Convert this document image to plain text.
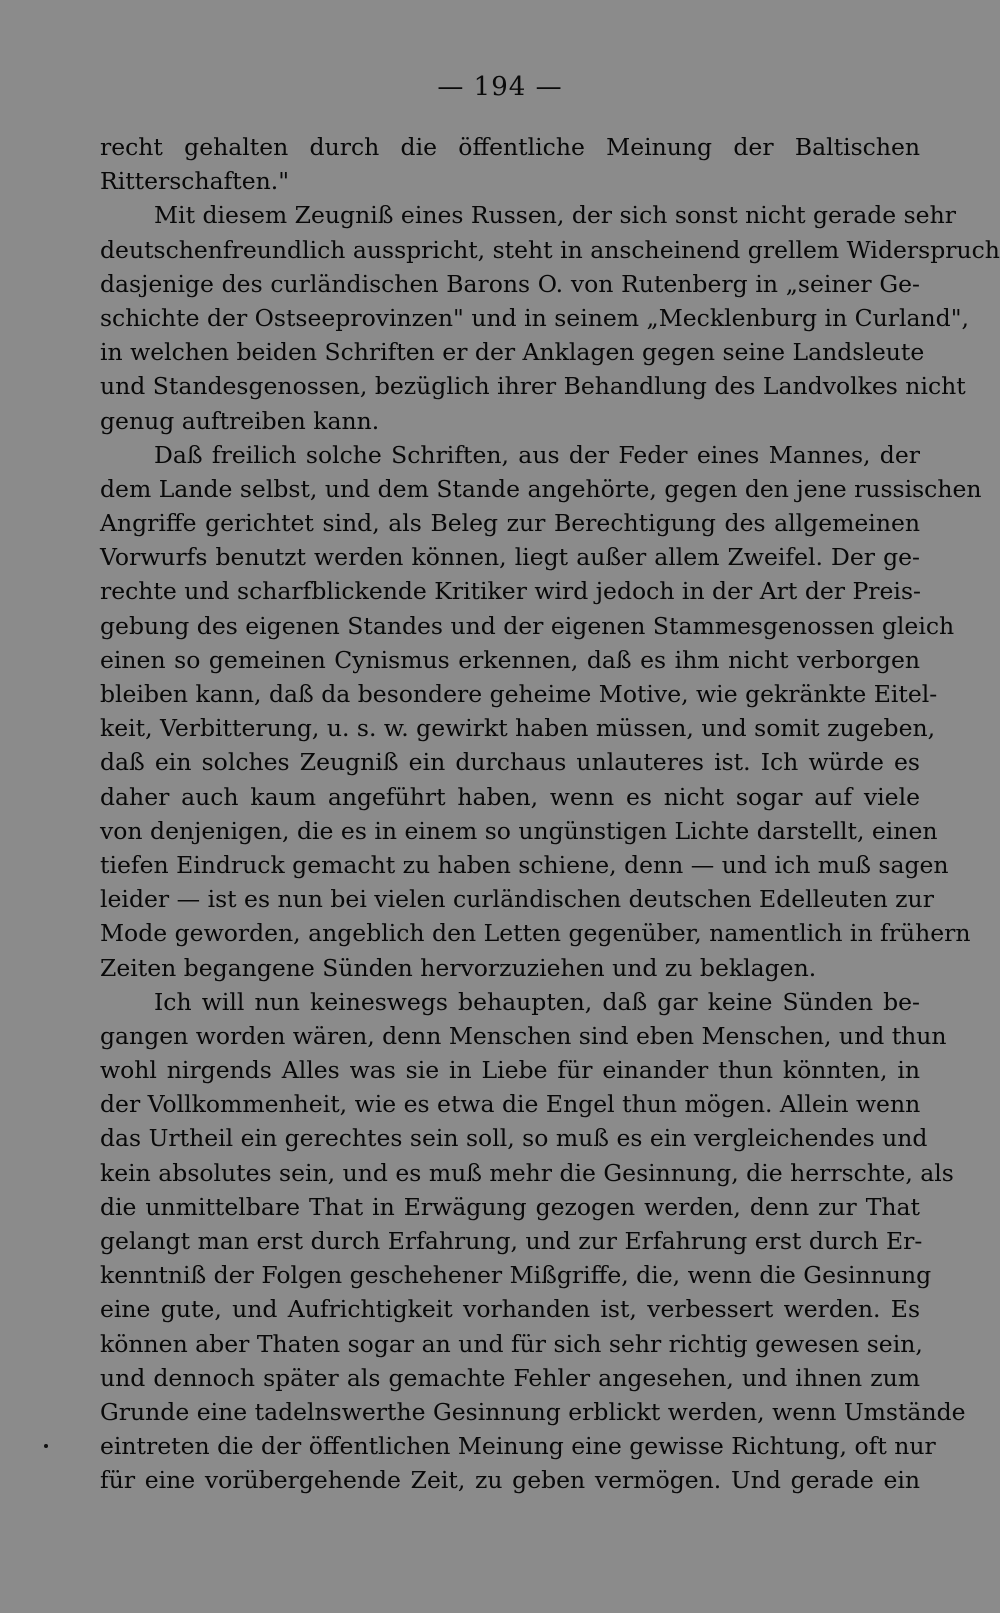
— 194 —
recht gehalten durch die öffentliche Meinung der Baltischen
Ritterschaften."
Mit diesem Zeugniß eines Russen, der sich sonst nicht gerade sehr
deutschenfreundlich ausspricht, steht in anscheinend grellem Widerspruch
dasjenige des curländischen Barons O. von Rutenberg in „seiner Ge-
schichte der Ostseeprovinzen" und in seinem „Mecklenburg in Curland",
in welchen beiden Schriften er der Anklagen gegen seine Landsleute
und Standesgenossen, bezüglich ihrer Behandlung des Landvolkes nicht
genug auftreiben kann.
Daß freilich solche Schriften, aus der Feder eines Mannes, der
dem Lande selbst, und dem Stande angehörte, gegen den jene russischen
Angriffe gerichtet sind, als Beleg zur Berechtigung des allgemeinen
Vorwurfs benutzt werden können, liegt außer allem Zweifel. Der ge-
rechte und scharfblickende Kritiker wird jedoch in der Art der Preis-
gebung des eigenen Standes und der eigenen Stammesgenossen gleich
einen so gemeinen Cynismus erkennen, daß es ihm nicht verborgen
bleiben kann, daß da besondere geheime Motive, wie gekränkte Eitel-
keit, Verbitterung, u. s. w. gewirkt haben müssen, und somit zugeben,
daß ein solches Zeugniß ein durchaus unlauteres ist. Ich würde es
daher auch kaum angeführt haben, wenn es nicht sogar auf viele
von denjenigen, die es in einem so ungünstigen Lichte darstellt, einen
tiefen Eindruck gemacht zu haben schiene, denn — und ich muß sagen
leider — ist es nun bei vielen curländischen deutschen Edelleuten zur
Mode geworden, angeblich den Letten gegenüber, namentlich in frühern
Zeiten begangene Sünden hervorzuziehen und zu beklagen.
Ich will nun keineswegs behaupten, daß gar keine Sünden be-
gangen worden wären, denn Menschen sind eben Menschen, und thun
wohl nirgends Alles was sie in Liebe für einander thun könnten, in
der Vollkommenheit, wie es etwa die Engel thun mögen. Allein wenn
das Urtheil ein gerechtes sein soll, so muß es ein vergleichendes und
kein absolutes sein, und es muß mehr die Gesinnung, die herrschte, als
die unmittelbare That in Erwägung gezogen werden, denn zur That
gelangt man erst durch Erfahrung, und zur Erfahrung erst durch Er-
kenntniß der Folgen geschehener Mißgriffe, die, wenn die Gesinnung
eine gute, und Aufrichtigkeit vorhanden ist, verbessert werden. Es
können aber Thaten sogar an und für sich sehr richtig gewesen sein,
und dennoch später als gemachte Fehler angesehen, und ihnen zum
Grunde eine tadelnswerthe Gesinnung erblickt werden, wenn Umstände
eintreten die der öffentlichen Meinung eine gewisse Richtung, oft nur
für eine vorübergehende Zeit, zu geben vermögen. Und gerade ein
